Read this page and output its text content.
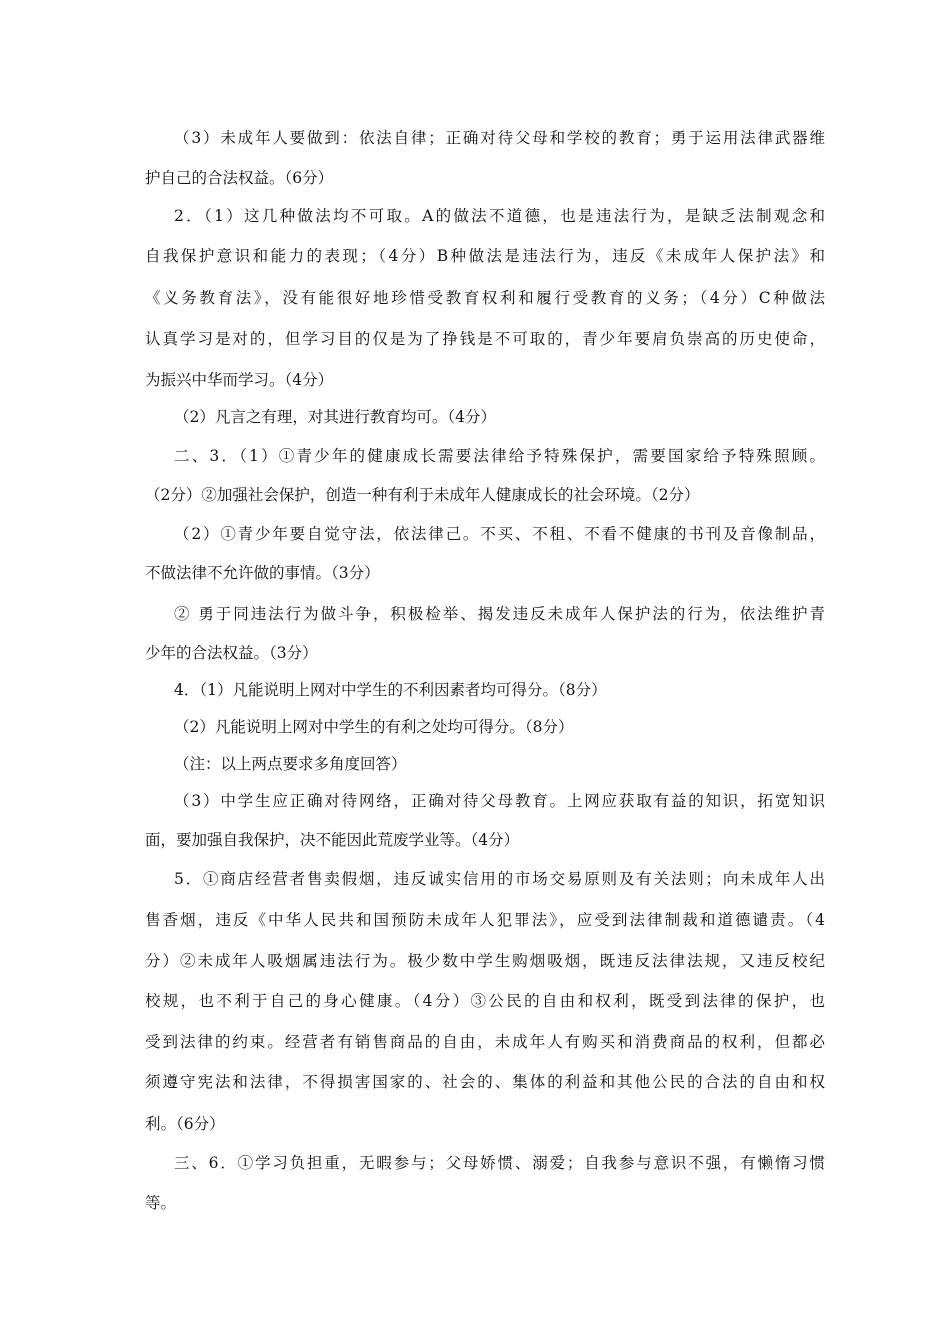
（3）未成年人要做到：依法自律；正确对待父母和学校的教育；勇于运用法律武器维
护自己的合法权益。（6分）
2．（1）这几种做法均不可取。A的做法不道德，也是违法行为，是缺乏法制观念和
自我保护意识和能力的表现；（4分）B种做法是违法行为，违反《未成年人保护法》和
《义务教育法》，没有能很好地珍惜受教育权利和履行受教育的义务；（4分）C种做法
认真学习是对的，但学习目的仅是为了挣钱是不可取的，青少年要肩负崇高的历史使命，
为振兴中华而学习。（4分）
（2）凡言之有理，对其进行教育均可。（4分）
二、3．（1）①青少年的健康成长需要法律给予特殊保护，需要国家给予特殊照顾。
（2分）②加强社会保护，创造一种有利于未成年人健康成长的社会环境。（2分）
（2）①青少年要自觉守法，依法律己。不买、不租、不看不健康的书刊及音像制品，
不做法律不允许做的事情。（3分）
② 勇于同违法行为做斗争，积极检举、揭发违反未成年人保护法的行为，依法维护青
少年的合法权益。（3分）
4．（1）凡能说明上网对中学生的不利因素者均可得分。（8分）
（2）凡能说明上网对中学生的有利之处均可得分。（8分）
（注：以上两点要求多角度回答）
（3）中学生应正确对待网络，正确对待父母教育。上网应获取有益的知识，拓宽知识
面，要加强自我保护，决不能因此荒废学业等。（4分）
5．①商店经营者售卖假烟，违反诚实信用的市场交易原则及有关法则；向未成年人出
售香烟，违反《中华人民共和国预防未成年人犯罪法》，应受到法律制裁和道德谴责。（4
分）②未成年人吸烟属违法行为。极少数中学生购烟吸烟，既违反法律法规，又违反校纪
校规，也不利于自己的身心健康。（4分）③公民的自由和权利，既受到法律的保护，也
受到法律的约束。经营者有销售商品的自由，未成年人有购买和消费商品的权利，但都必
须遵守宪法和法律，不得损害国家的、社会的、集体的利益和其他公民的合法的自由和权
利。（6分）
三、6．①学习负担重，无暇参与；父母娇惯、溺爱；自我参与意识不强，有懒惰习惯
等。
